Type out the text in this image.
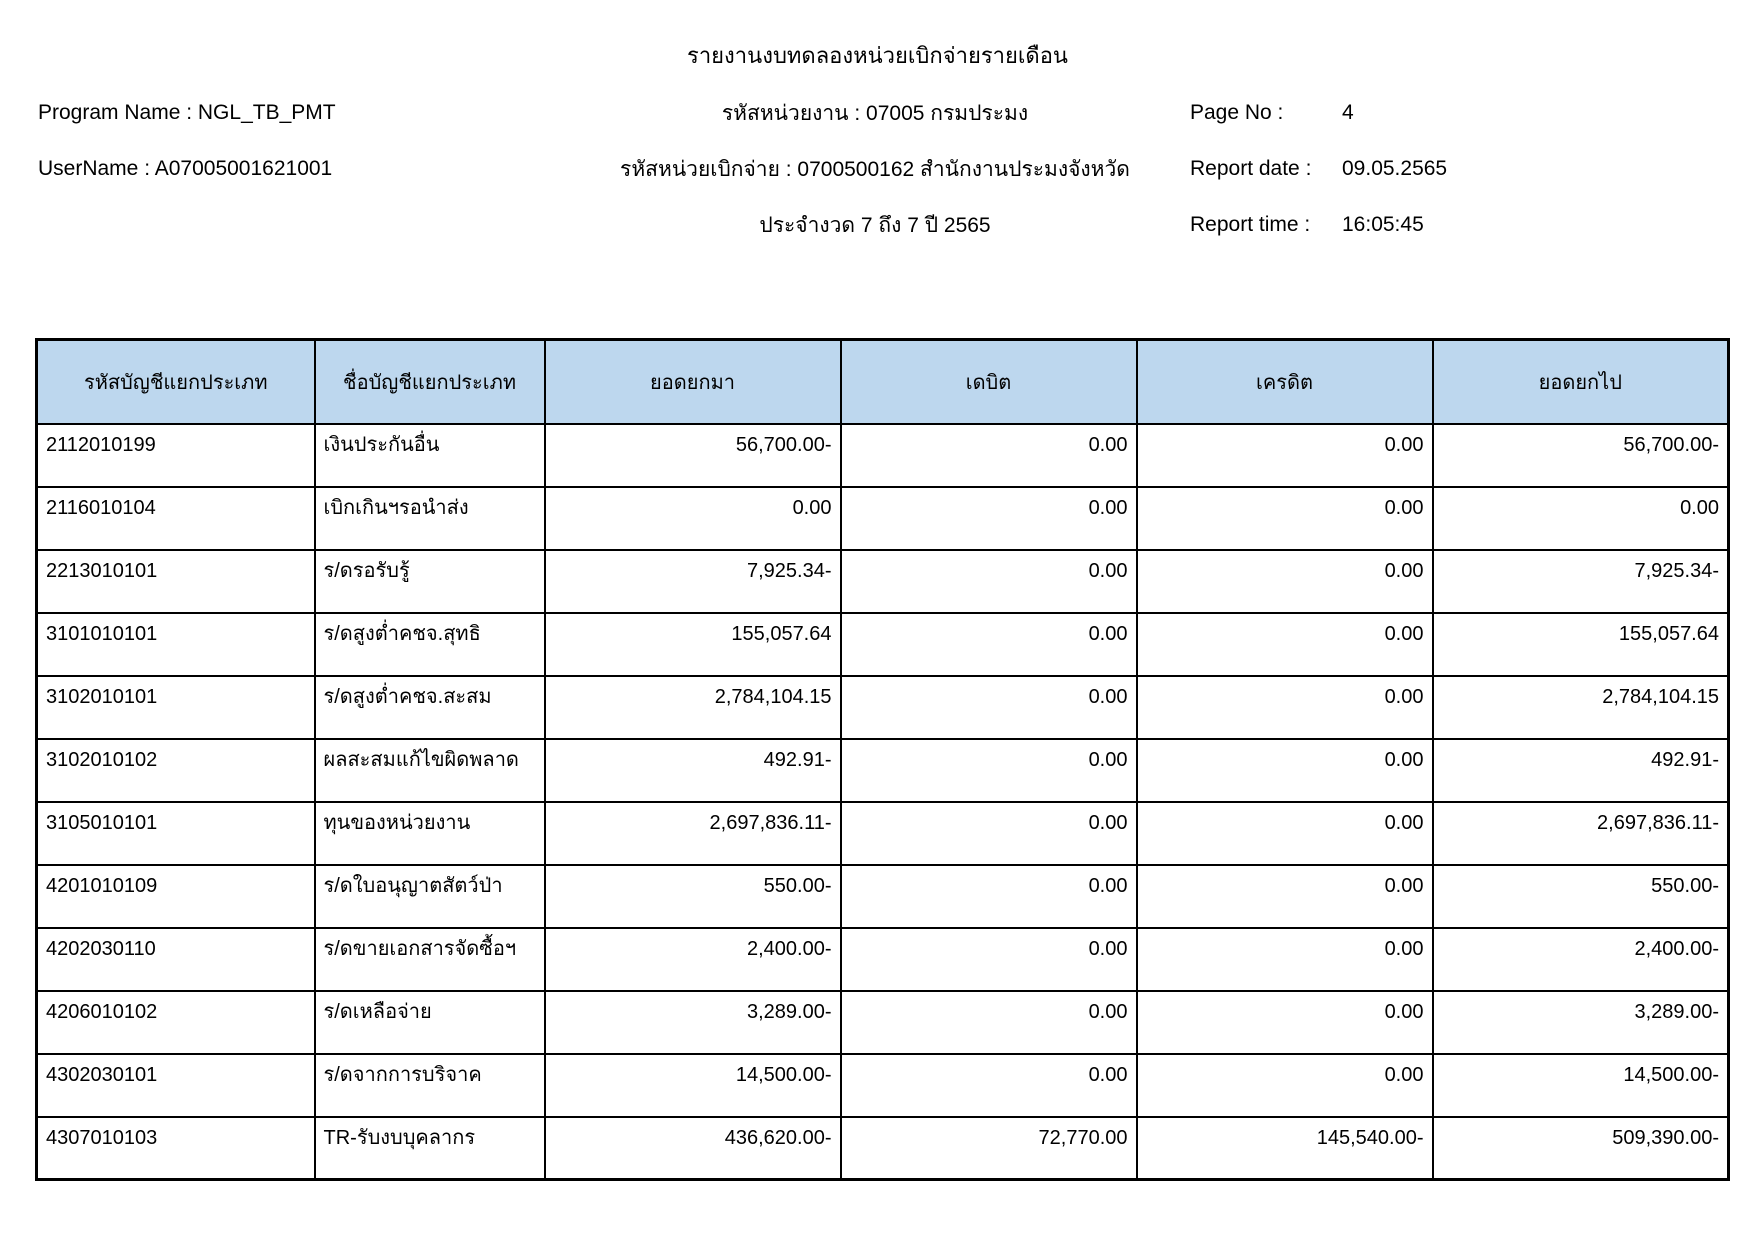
รายงานงบทดลองหน่วยเบิกจ่ายรายเดือน
Program Name : NGL_TB_PMT	รหัสหน่วยงาน : 07005 กรมประมง	Page No :	4
UserName : A07005001621001	รหัสหน่วยเบิกจ่าย : 0700500162 สำนักงานประมงจังหวัด	Report date :	09.05.2565
ประจำงวด 7 ถึง 7 ปี 2565	Report time :	16:05:45
รหัสบัญชีแยกประเภท	ชื่อบัญชีแยกประเภท	ยอดยกมา	เดบิต	เครดิต	ยอดยกไป
2112010199	เงินประกันอื่น	56,700.00-	0.00	0.00	56,700.00-
2116010104	เบิกเกินฯรอนำส่ง	0.00	0.00	0.00	0.00
2213010101	ร/ดรอรับรู้	7,925.34-	0.00	0.00	7,925.34-
3101010101	ร/ดสูงต่ำคชจ.สุทธิ	155,057.64	0.00	0.00	155,057.64
3102010101	ร/ดสูงต่ำคชจ.สะสม	2,784,104.15	0.00	0.00	2,784,104.15
3102010102	ผลสะสมแก้ไขผิดพลาด	492.91-	0.00	0.00	492.91-
3105010101	ทุนของหน่วยงาน	2,697,836.11-	0.00	0.00	2,697,836.11-
4201010109	ร/ดใบอนุญาตสัตว์ป่า	550.00-	0.00	0.00	550.00-
4202030110	ร/ดขายเอกสารจัดซื้อฯ	2,400.00-	0.00	0.00	2,400.00-
4206010102	ร/ดเหลือจ่าย	3,289.00-	0.00	0.00	3,289.00-
4302030101	ร/ดจากการบริจาค	14,500.00-	0.00	0.00	14,500.00-
4307010103	TR-รับงบบุคลากร	436,620.00-	72,770.00	145,540.00-	509,390.00-
